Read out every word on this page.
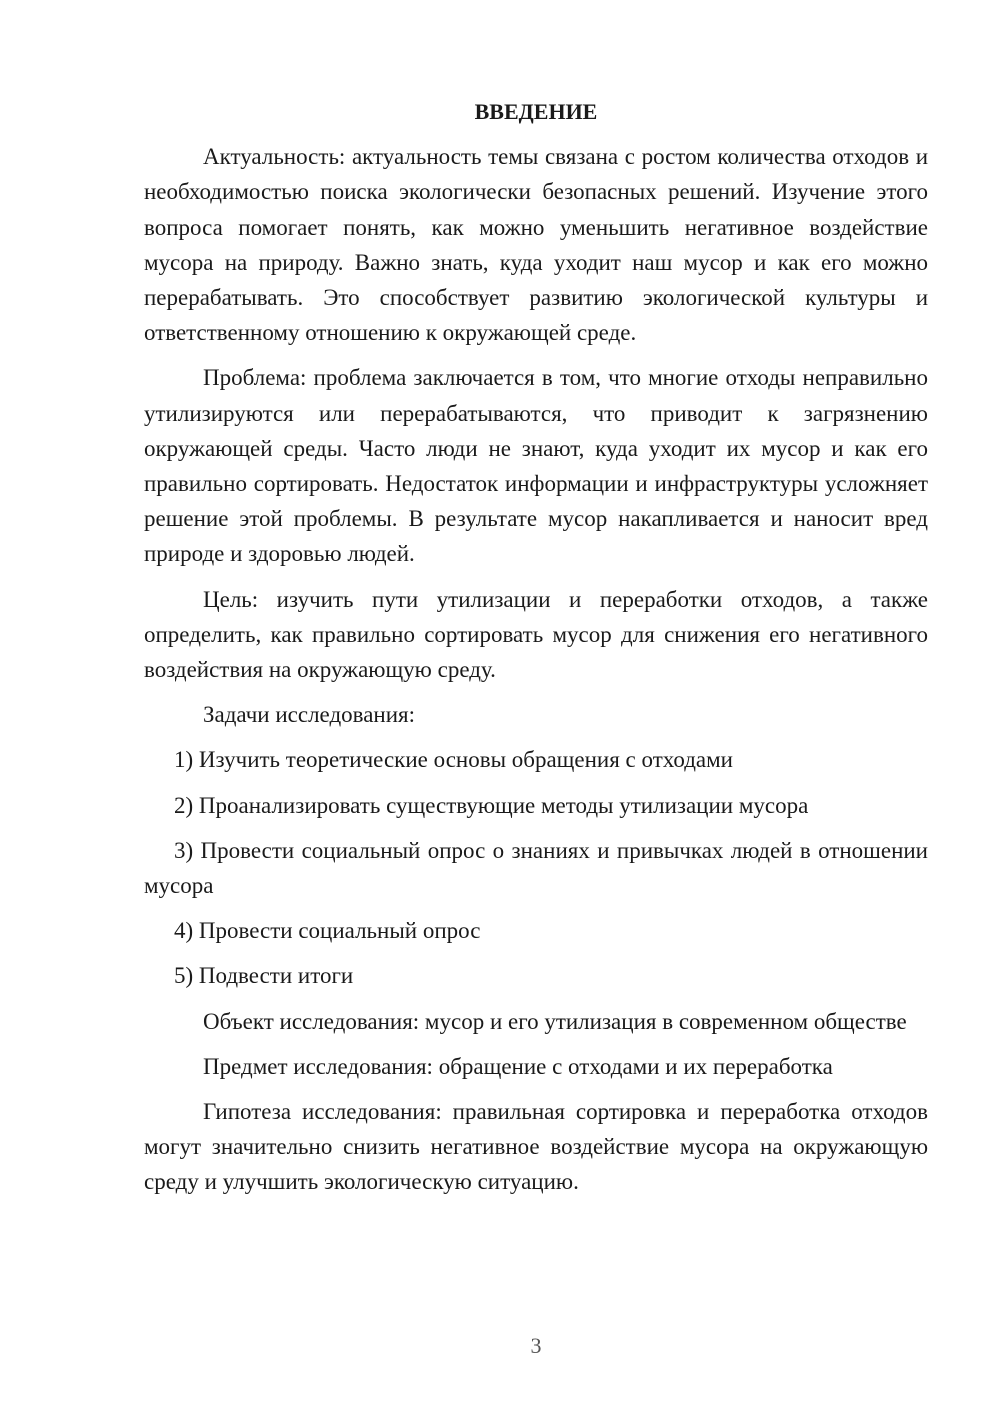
ВВЕДЕНИЕ

Актуальность: актуальность темы связана с ростом количества отходов и необходимостью поиска экологически безопасных решений. Изучение этого вопроса помогает понять, как можно уменьшить негативное воздействие мусора на природу. Важно знать, куда уходит наш мусор и как его можно перерабатывать. Это способствует развитию экологической культуры и ответственному отношению к окружающей среде.

Проблема: проблема заключается в том, что многие отходы неправильно утилизируются или перерабатываются, что приводит к загрязнению окружающей среды. Часто люди не знают, куда уходит их мусор и как его правильно сортировать. Недостаток информации и инфраструктуры усложняет решение этой проблемы. В результате мусор накапливается и наносит вред природе и здоровью людей.

Цель: изучить пути утилизации и переработки отходов, а также определить, как правильно сортировать мусор для снижения его негативного воздействия на окружающую среду.

Задачи исследования:

1) Изучить теоретические основы обращения с отходами

2) Проанализировать существующие методы утилизации мусора

3) Провести социальный опрос о знаниях и привычках людей в отношении мусора

4) Провести социальный опрос

5) Подвести итоги

Объект исследования: мусор и его утилизация в современном обществе

Предмет исследования: обращение с отходами и их переработка

Гипотеза исследования: правильная сортировка и переработка отходов могут значительно снизить негативное воздействие мусора на окружающую среду и улучшить экологическую ситуацию.

3
